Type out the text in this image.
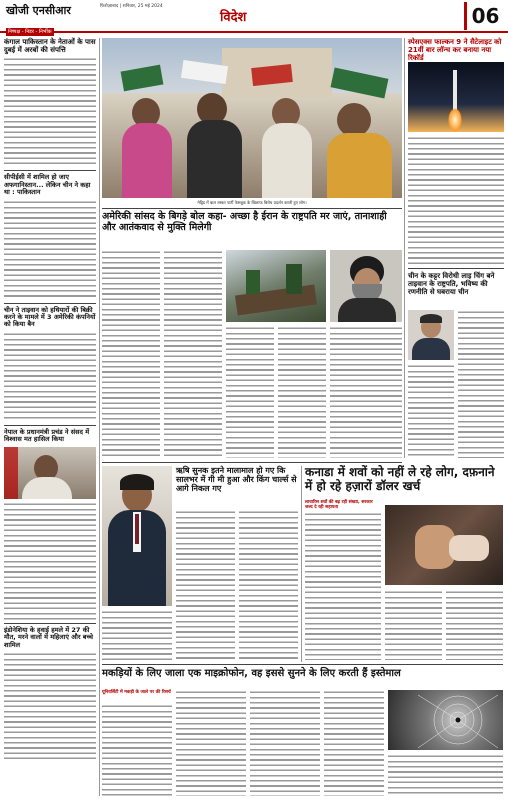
खोजी एनसीआर
निष्पक्ष - निडर - निर्भीक
फ़िरोज़ाबाद | शनिवार, 25 मई 2024
विदेश	06
कंगाल पाकिस्तान के नेताओं के पास दुबई में अरबों की संपत्ति
सीपीईसी में शामिल हो जाए अफगानिस्तान... लेकिन चीन ने कहा था : पाकिस्तान
चीन ने ताइवान को हथियारों की बिक्री करने के मामले में 3 अमेरिकी कंपनियों को किया बैन
नेपाल के प्रधानमंत्री प्रचंड ने संसद में विश्वास मत हासिल किया
इंडोनेशिया के हवाई हमले में 27 की मौत, मरने वालों में महिलाएं और बच्चे शामिल
मेड्रिड में बाल तस्कर पार्टी फेसबुक के खिलाफ बिरोध प्रदर्शन करती हुए लोग।
अमेरिकी सांसद के बिगड़े बोल कहा- अच्छा है ईरान के राष्ट्रपति मर जाएं, तानाशाही और आतंकवाद से मुक्ति मिलेगी
ऋषि सुनक इतने मालामाल हो गए कि सालभर में गी मी हुआ और किंग चार्ल्स से आगे निकल गए
कनाडा में शवों को नहीं ले रहे लोग, दफ़नाने में हो रहे हज़ारों डॉलर खर्च
लावारिस शवों की बढ़ रही संख्या, सरकार जल्द दे रही सहायता
मकड़ियों के लिए जाला एक माइक्रोफोन, वह इससे सुनने के लिए करती हैं इस्तेमाल
यूनिवर्सिटी में मकड़ी के जाले पर की रिसर्च
स्पेसएक्स फाल्कन 9 ने सैटेलाइट को 21वीं बार लॉन्च कर बनाया नया रिकॉर्ड
चीन के कट्टर विरोधी लाइ चिंग बने ताइवान के राष्ट्रपति, भविष्य की रणनीति से घबराया चीन
